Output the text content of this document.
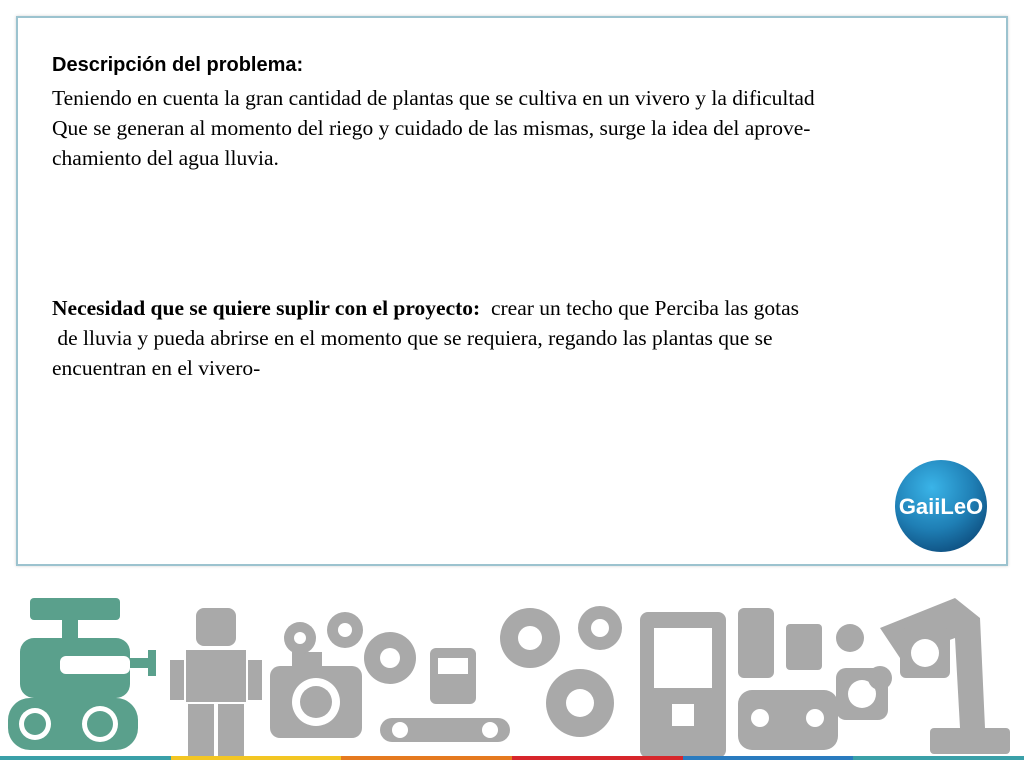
Descripción del problema:
Teniendo en cuenta la gran cantidad de plantas que se cultiva en un vivero y la dificultad
Que se generan al momento del riego y cuidado de las mismas, surge la idea del aprove-
chamiento del agua lluvia.
Necesidad que se quiere suplir con el proyecto: crear un techo que Perciba las gotas
de lluvia y pueda abrirse en el momento que se requiera, regando las plantas que se
encuentran en el vivero-
GaiiLeO
